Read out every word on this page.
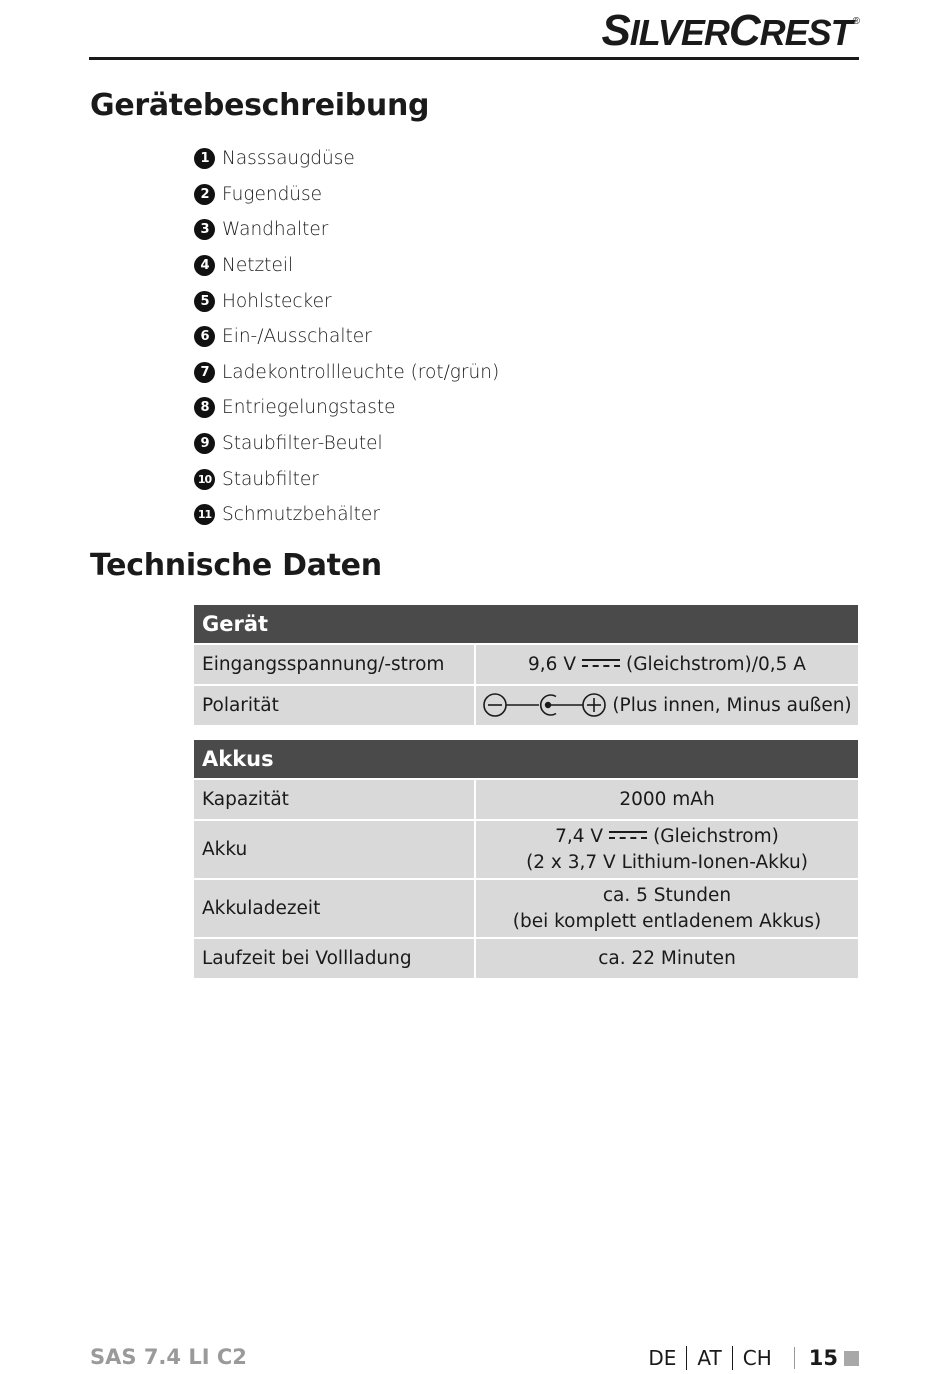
SILVERCREST®
Gerätebeschreibung
1 Nasssaugdüse
2 Fugendüse
3 Wandhalter
4 Netzteil
5 Hohlstecker
6 Ein-/Ausschalter
7 Ladekontrollleuchte (rot/grün)
8 Entriegelungstaste
9 Staubfilter-Beutel
10 Staubfilter
11 Schmutzbehälter
Technische Daten
Gerät	
Eingangsspannung/-strom	9,6 V (Gleichstrom)/0,5 A
Polarität	(Plus innen, Minus außen)
Akkus	
Kapazität	2000 mAh
Akku	7,4 V (Gleichstrom)
(2 x 3,7 V Lithium-Ionen-Akku)
Akkuladezeit	ca. 5 Stunden
(bei komplett entladenem Akkus)
Laufzeit bei Vollladung	ca. 22 Minuten
SAS 7.4 LI C2	DE AT CH 15
